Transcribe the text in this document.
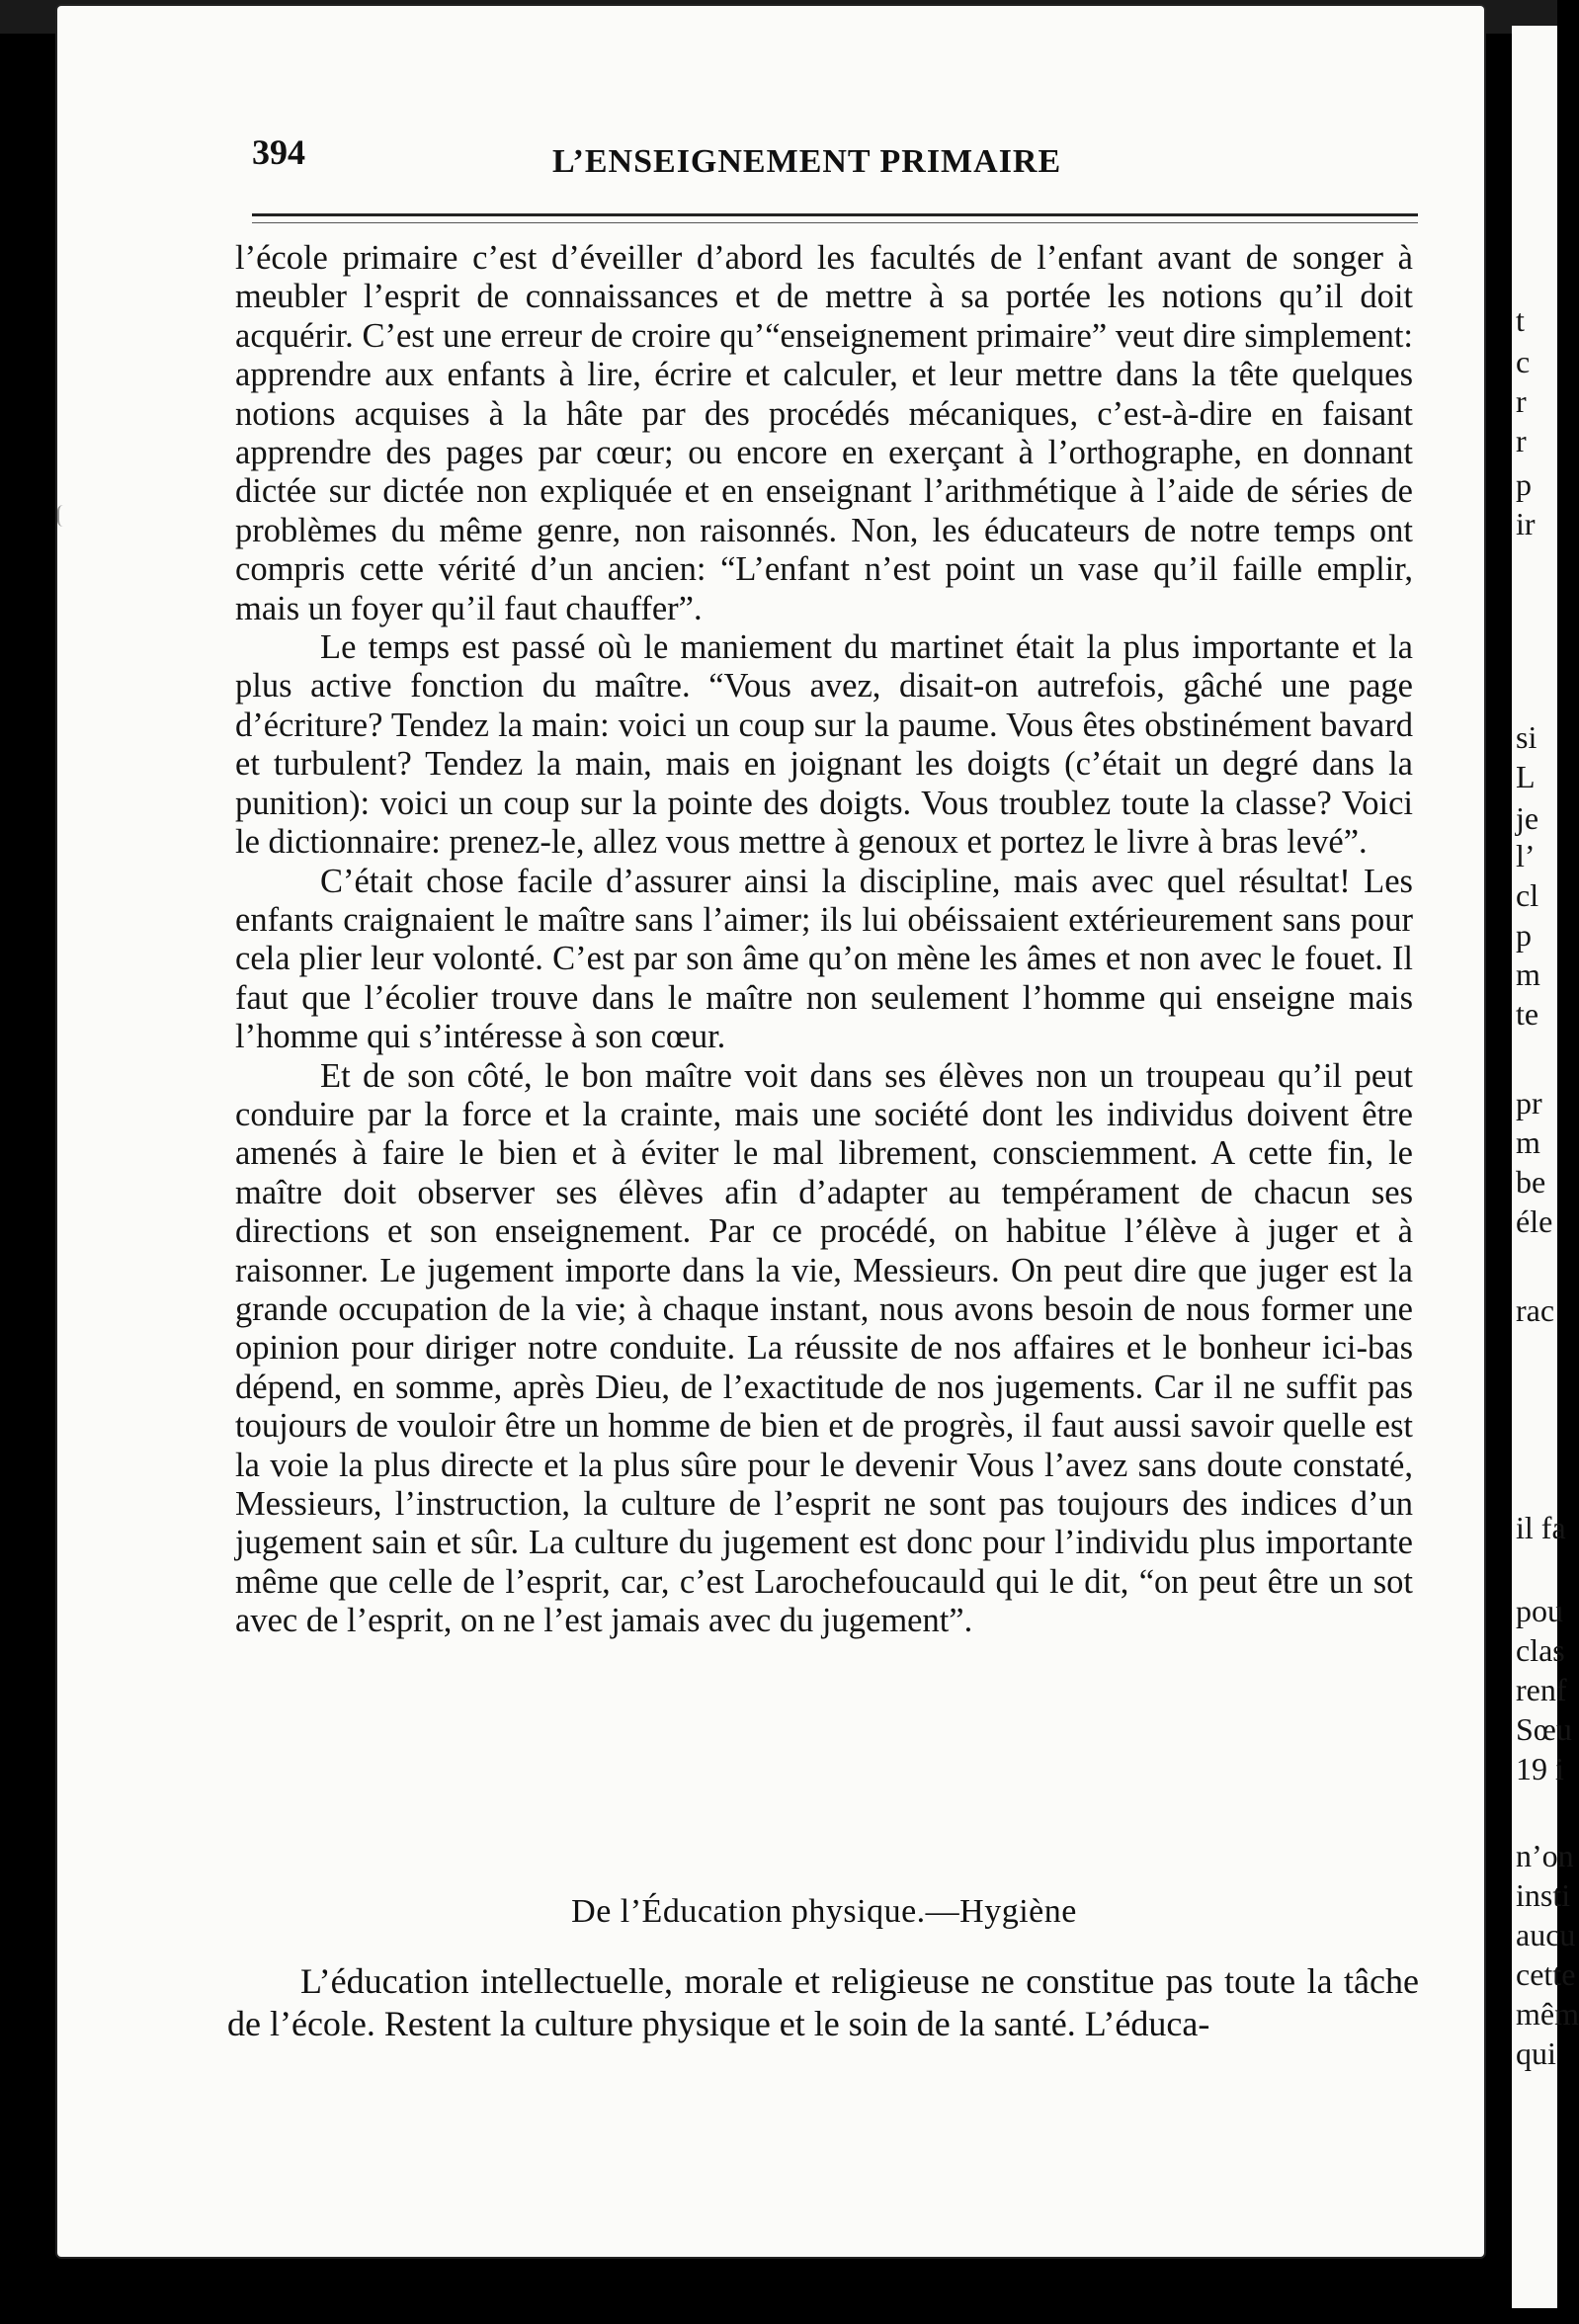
394	L’ENSEIGNEMENT PRIMAIRE

l’école primaire c’est d’éveiller d’abord les facultés de l’enfant avant de songer à meubler l’esprit de connaissances et de mettre à sa portée les notions qu’il doit acquérir. C’est une erreur de croire qu’“enseignement primaire” veut dire simplement: apprendre aux enfants à lire, écrire et calculer, et leur mettre dans la tête quelques notions acquises à la hâte par des procédés mécaniques, c’est-à-dire en faisant apprendre des pages par cœur; ou encore en exerçant à l’orthographe, en donnant dictée sur dictée non expliquée et en enseignant l’arithmétique à l’aide de séries de problèmes du même genre, non raisonnés. Non, les éducateurs de notre temps ont compris cette vérité d’un ancien: “L’enfant n’est point un vase qu’il faille emplir, mais un foyer qu’il faut chauffer”.

Le temps est passé où le maniement du martinet était la plus importante et la plus active fonction du maître. “Vous avez, disait-on autrefois, gâché une page d’écriture? Tendez la main: voici un coup sur la paume. Vous êtes obstinément bavard et turbulent? Tendez la main, mais en joignant les doigts (c’était un degré dans la punition): voici un coup sur la pointe des doigts. Vous troublez toute la classe? Voici le dictionnaire: prenez-le, allez vous mettre à genoux et portez le livre à bras levé”.

C’était chose facile d’assurer ainsi la discipline, mais avec quel résultat! Les enfants craignaient le maître sans l’aimer; ils lui obéissaient extérieurement sans pour cela plier leur volonté. C’est par son âme qu’on mène les âmes et non avec le fouet. Il faut que l’écolier trouve dans le maître non seulement l’homme qui enseigne mais l’homme qui s’intéresse à son cœur.

Et de son côté, le bon maître voit dans ses élèves non un troupeau qu’il peut conduire par la force et la crainte, mais une société dont les individus doivent être amenés à faire le bien et à éviter le mal librement, consciemment. A cette fin, le maître doit observer ses élèves afin d’adapter au tempérament de chacun ses directions et son enseignement. Par ce procédé, on habitue l’élève à juger et à raisonner. Le jugement importe dans la vie, Messieurs. On peut dire que juger est la grande occupation de la vie; à chaque instant, nous avons besoin de nous former une opinion pour diriger notre conduite. La réussite de nos affaires et le bonheur ici-bas dépend, en somme, après Dieu, de l’exactitude de nos jugements. Car il ne suffit pas toujours de vouloir être un homme de bien et de progrès, il faut aussi savoir quelle est la voie la plus directe et la plus sûre pour le devenir Vous l’avez sans doute constaté, Messieurs, l’instruction, la culture de l’esprit ne sont pas toujours des indices d’un jugement sain et sûr. La culture du jugement est donc pour l’individu plus importante même que celle de l’esprit, car, c’est Larochefoucauld qui le dit, “on peut être un sot avec de l’esprit, on ne l’est jamais avec du jugement”.

De l’Éducation physique.—Hygiène

L’éducation intellectuelle, morale et religieuse ne constitue pas toute la tâche de l’école. Restent la culture physique et le soin de la santé. L’éduca-

t
c
r
r
p
ir
si
L
je
l’
cl
p
m
te
pr
m
be
éle
rac
il fa
pou
clas
renf
Sœu
19 i
n’on
insti
aucu
cette
mêm
qui
